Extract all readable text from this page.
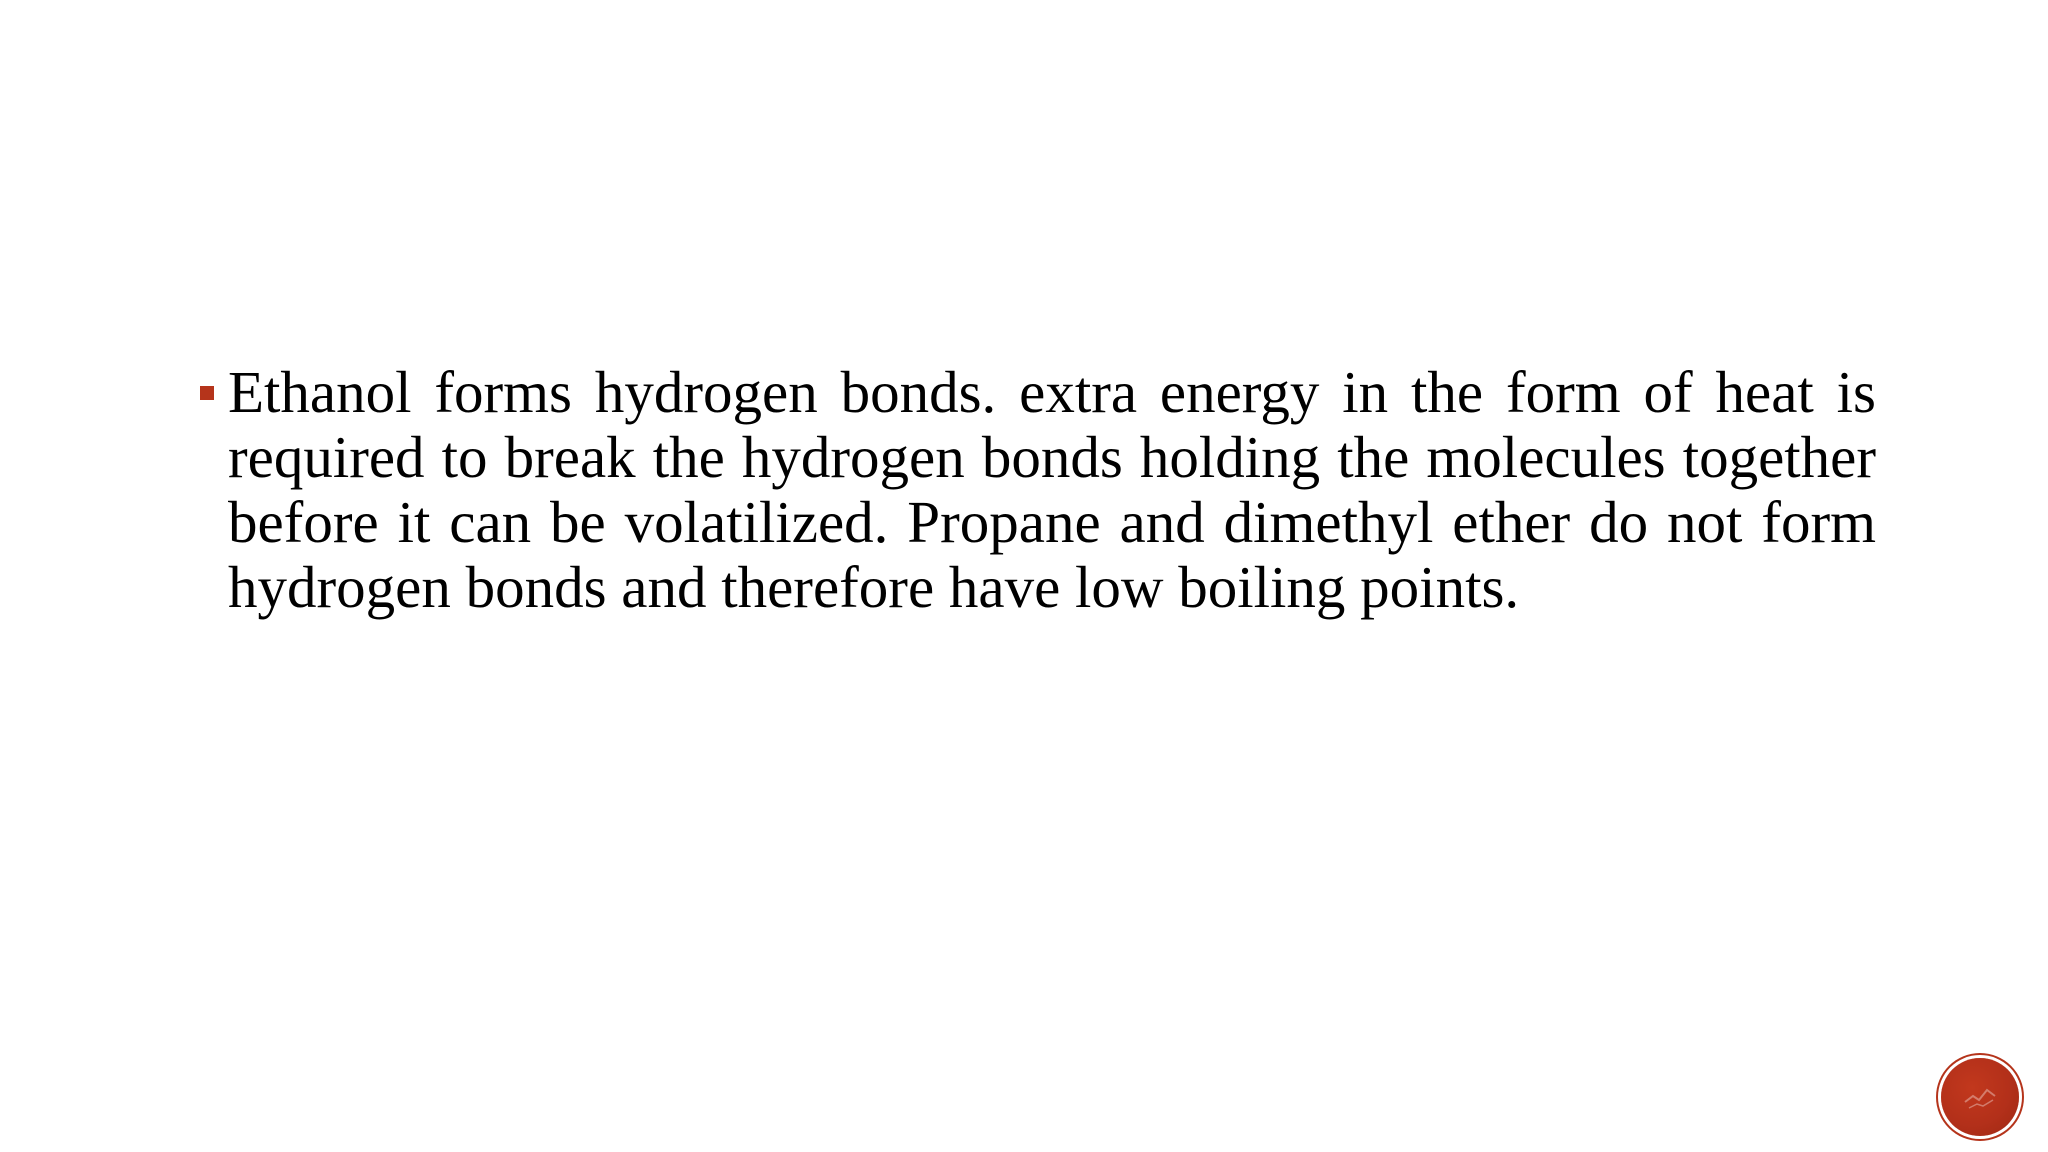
Ethanol forms hydrogen bonds. extra energy in the form of heat is required to break the hydrogen bonds holding the molecules together before it can be volatilized. Propane and dimethyl ether do not form hydrogen bonds and therefore have low boiling points.
